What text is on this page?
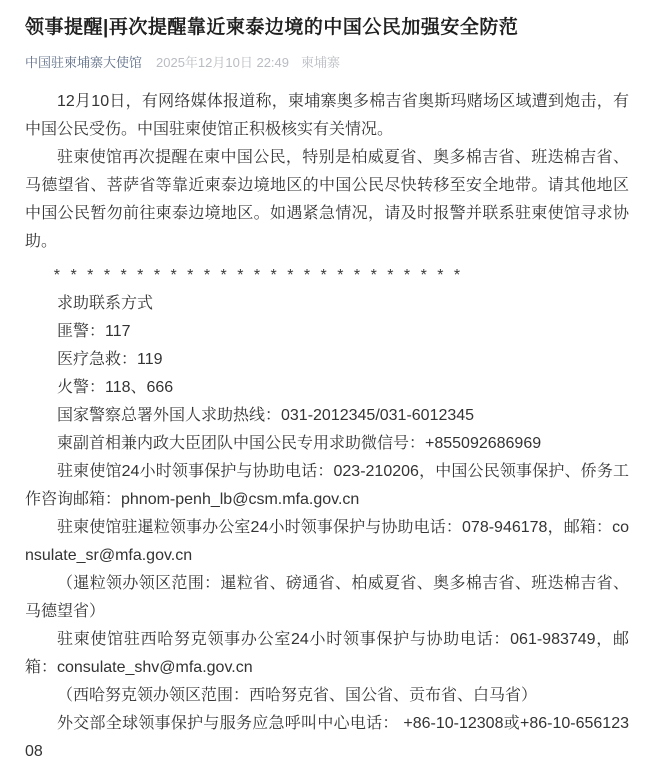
领事提醒|再次提醒靠近柬泰边境的中国公民加强安全防范
中国驻柬埔寨大使馆 2025年12月10日 22:49 柬埔寨

12月10日，有网络媒体报道称，柬埔寨奥多棉吉省奥斯玛赌场区域遭到炮击，有中国公民受伤。中国驻柬使馆正积极核实有关情况。

驻柬使馆再次提醒在柬中国公民，特别是柏威夏省、奥多棉吉省、班迭棉吉省、马德望省、菩萨省等靠近柬泰边境地区的中国公民尽快转移至安全地带。请其他地区中国公民暂勿前往柬泰边境地区。如遇紧急情况，请及时报警并联系驻柬使馆寻求协助。

* * * * * * * * * * * * * * * * * * * * * * * * *

求助联系方式

匪警：117

医疗急救：119

火警：118、666

国家警察总署外国人求助热线：031-2012345/031-6012345

柬副首相兼内政大臣团队中国公民专用求助微信号：+855092686969

驻柬使馆24小时领事保护与协助电话：023-210206，中国公民领事保护、侨务工作咨询邮箱：phnom-penh_lb@csm.mfa.gov.cn

驻柬使馆驻暹粒领事办公室24小时领事保护与协助电话：078-946178，邮箱：consulate_sr@mfa.gov.cn

（暹粒领办领区范围：暹粒省、磅通省、柏威夏省、奥多棉吉省、班迭棉吉省、马德望省）

驻柬使馆驻西哈努克领事办公室24小时领事保护与协助电话：061-983749，邮箱：consulate_shv@mfa.gov.cn

（西哈努克领办领区范围：西哈努克省、国公省、贡布省、白马省）

外交部全球领事保护与服务应急呼叫中心电话： +86-10-12308或+86-10-65612308
